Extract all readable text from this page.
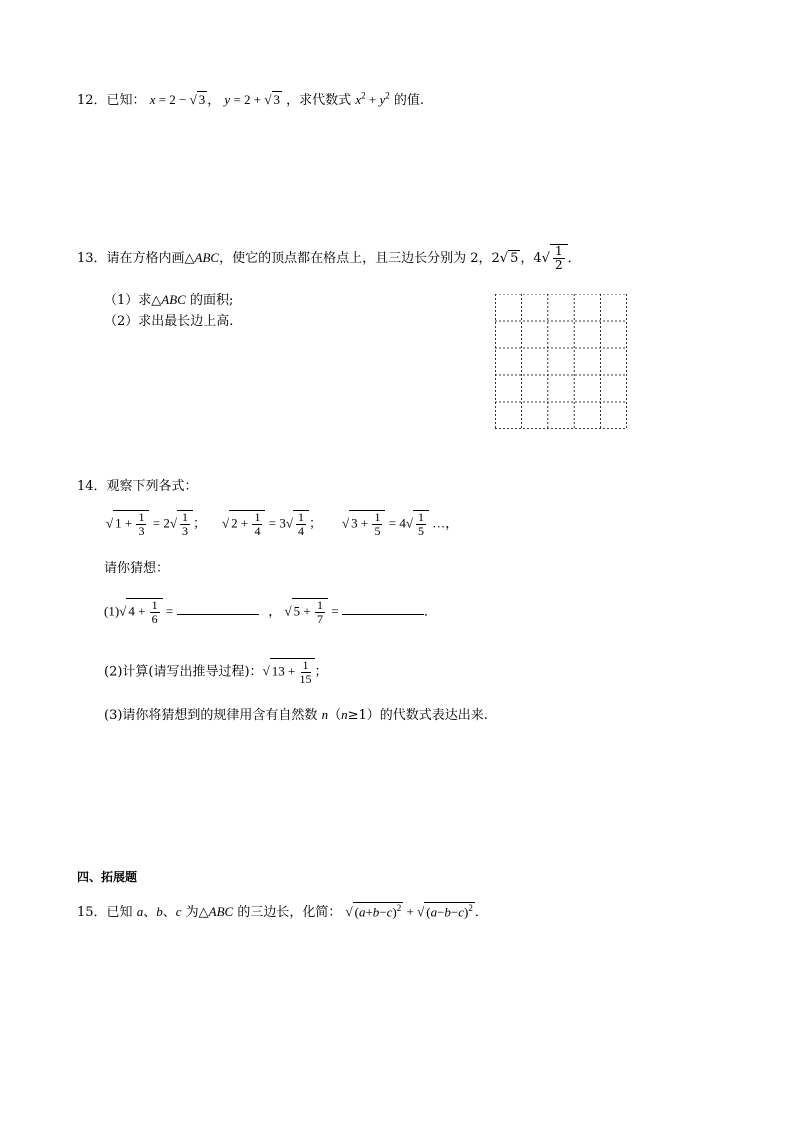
12．已知： x = 2 − √ 3 ， y = 2 + √ 3 ，求代数式 $x^2 + y^2$ 的值.
13．请在方格内画△ABC，使它的顶点都在格点上，且三边长分别为 2，2√ 5 ，$4√ \frac{1}{2}$ ．
（1）求△ABC 的面积;
（2）求出最长边上高.
14．观察下列各式：
√ $1 + \frac{1}{3} = 2√ \frac{1}{3}$ ； √ $2 + \frac{1}{4} = 3√ \frac{1}{4}$ ； √ $3 + \frac{1}{5} = 4√ \frac{1}{5}$ …，
请你猜想：
(1)√ $4 + \frac{1}{6}$ =	， √ $5 + \frac{1}{7}$ =	．
(2)计算(请写出推导过程)：√ $13 + \frac{1}{15}$ ；
(3)请你将猜想到的规律用含有自然数 n（n≥1）的代数式表达出来.
四、拓展题
15．已知 a、b、c 为△ABC 的三边长，化简： √ $(a+b-c)^2$ + √ $(a-b-c)^2$ ．
